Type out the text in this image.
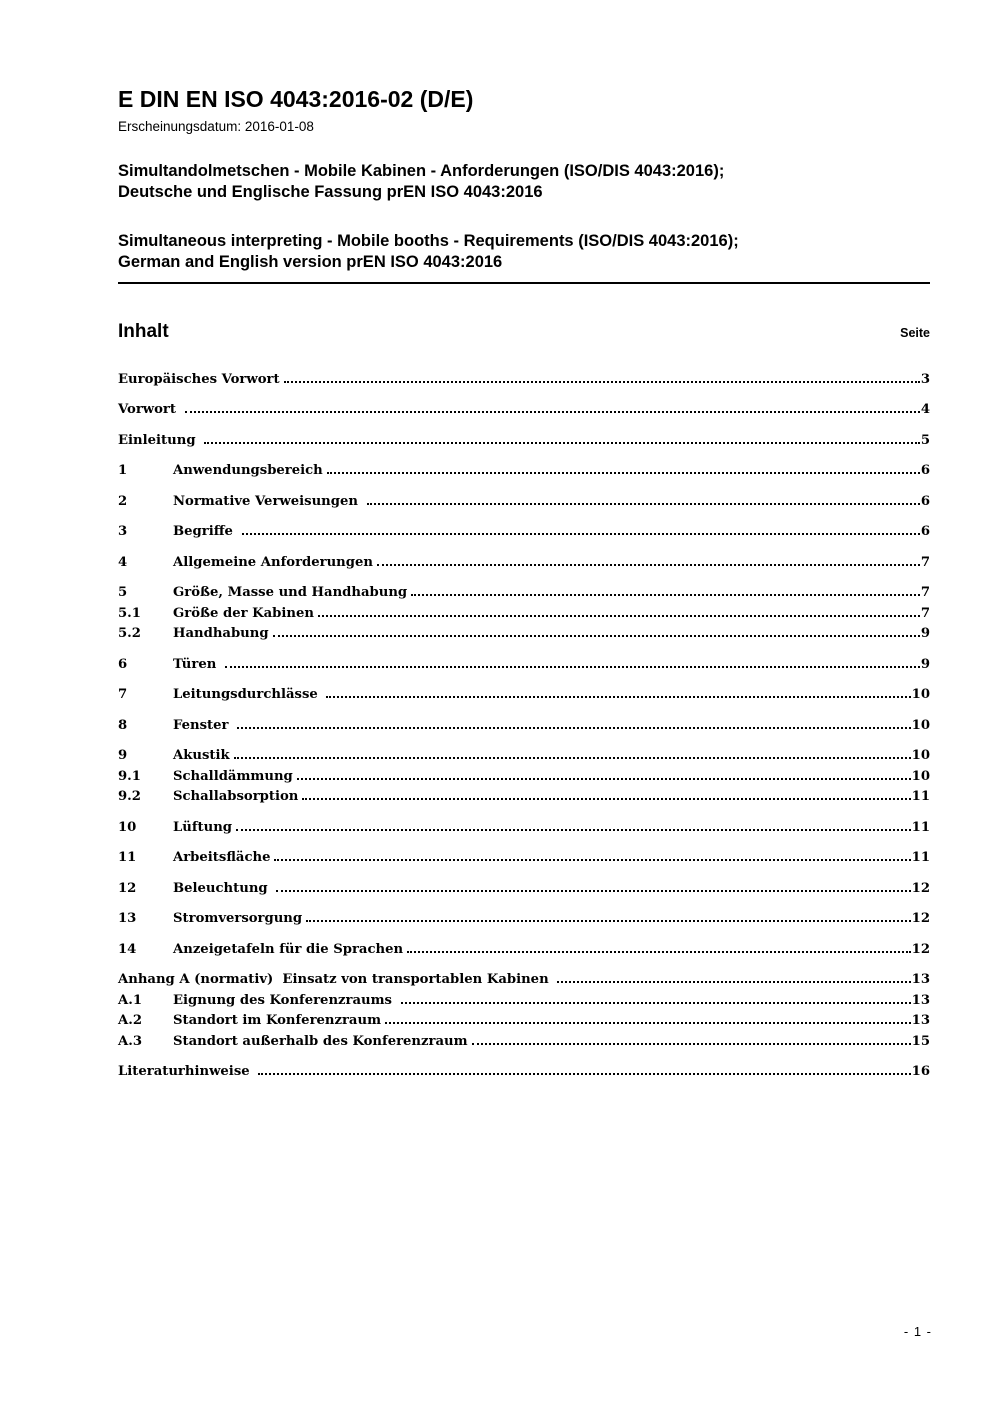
E DIN EN ISO 4043:2016-02 (D/E)
Erscheinungsdatum: 2016-01-08
Simultandolmetschen - Mobile Kabinen - Anforderungen (ISO/DIS 4043:2016);
Deutsche und Englische Fassung prEN ISO 4043:2016
Simultaneous interpreting - Mobile booths - Requirements (ISO/DIS 4043:2016);
German and English version prEN ISO 4043:2016
Inhalt	Seite
Europäisches Vorwort	3
Vorwort	4
Einleitung	5
1	Anwendungsbereich	6
2	Normative Verweisungen	6
3	Begriffe	6
4	Allgemeine Anforderungen	7
5	Größe, Masse und Handhabung	7
5.1	Größe der Kabinen	7
5.2	Handhabung	9
6	Türen	9
7	Leitungsdurchlässe	10
8	Fenster	10
9	Akustik	10
9.1	Schalldämmung	10
9.2	Schallabsorption	11
10	Lüftung	11
11	Arbeitsfläche	11
12	Beleuchtung	12
13	Stromversorgung	12
14	Anzeigetafeln für die Sprachen	12
Anhang A (normativ)  Einsatz von transportablen Kabinen	13
A.1	Eignung des Konferenzraums	13
A.2	Standort im Konferenzraum	13
A.3	Standort außerhalb des Konferenzraum	15
Literaturhinweise	16
- 1 -
